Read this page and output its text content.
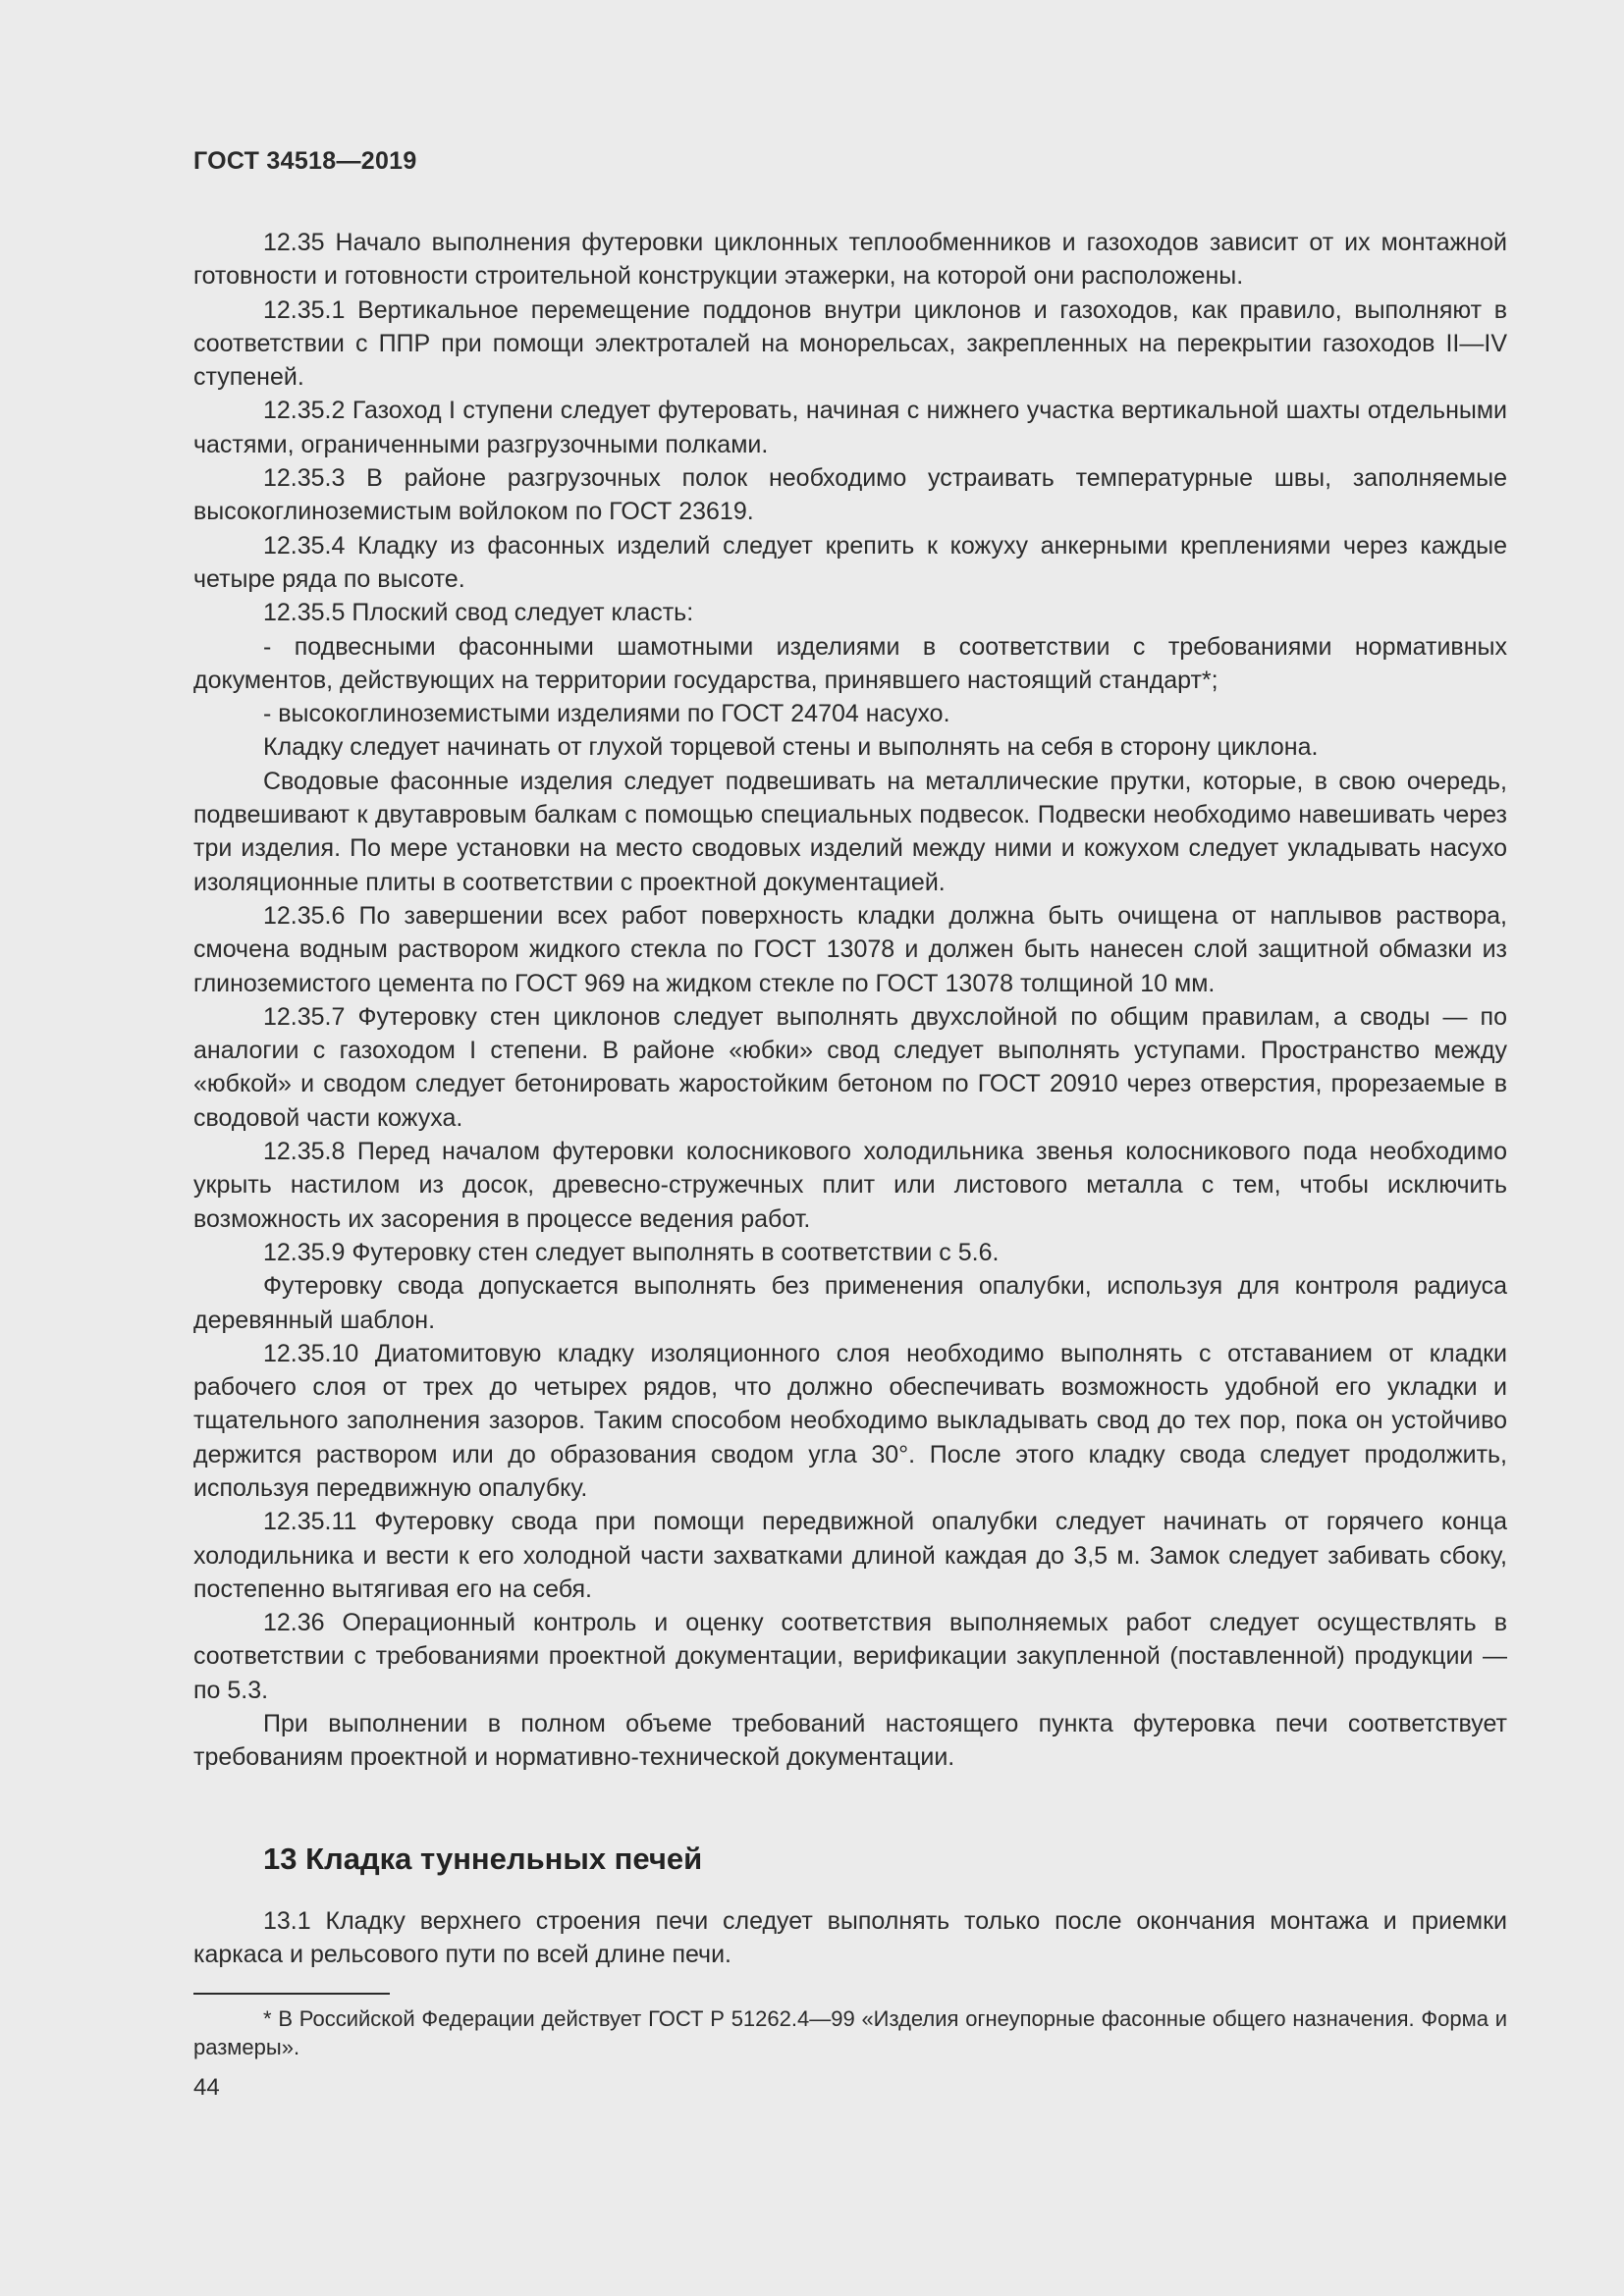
ГОСТ 34518—2019

12.35 Начало выполнения футеровки циклонных теплообменников и газоходов зависит от их монтажной готовности и готовности строительной конструкции этажерки, на которой они расположены.

12.35.1 Вертикальное перемещение поддонов внутри циклонов и газоходов, как правило, выполняют в соответствии с ППР при помощи электроталей на монорельсах, закрепленных на перекрытии газоходов II—IV ступеней.

12.35.2 Газоход I ступени следует футеровать, начиная с нижнего участка вертикальной шахты отдельными частями, ограниченными разгрузочными полками.

12.35.3 В районе разгрузочных полок необходимо устраивать температурные швы, заполняемые высокоглиноземистым войлоком по ГОСТ 23619.

12.35.4 Кладку из фасонных изделий следует крепить к кожуху анкерными креплениями через каждые четыре ряда по высоте.

12.35.5 Плоский свод следует класть:

- подвесными фасонными шамотными изделиями в соответствии с требованиями нормативных документов, действующих на территории государства, принявшего настоящий стандарт*;

- высокоглиноземистыми изделиями по ГОСТ 24704 насухо.

Кладку следует начинать от глухой торцевой стены и выполнять на себя в сторону циклона.

Сводовые фасонные изделия следует подвешивать на металлические прутки, которые, в свою очередь, подвешивают к двутавровым балкам с помощью специальных подвесок. Подвески необходимо навешивать через три изделия. По мере установки на место сводовых изделий между ними и кожухом следует укладывать насухо изоляционные плиты в соответствии с проектной документацией.

12.35.6 По завершении всех работ поверхность кладки должна быть очищена от наплывов раствора, смочена водным раствором жидкого стекла по ГОСТ 13078 и должен быть нанесен слой защитной обмазки из глиноземистого цемента по ГОСТ 969 на жидком стекле по ГОСТ 13078 толщиной 10 мм.

12.35.7 Футеровку стен циклонов следует выполнять двухслойной по общим правилам, а своды — по аналогии с газоходом I степени. В районе «юбки» свод следует выполнять уступами. Пространство между «юбкой» и сводом следует бетонировать жаростойким бетоном по ГОСТ 20910 через отверстия, прорезаемые в сводовой части кожуха.

12.35.8 Перед началом футеровки колосникового холодильника звенья колосникового пода необходимо укрыть настилом из досок, древесно-стружечных плит или листового металла с тем, чтобы исключить возможность их засорения в процессе ведения работ.

12.35.9 Футеровку стен следует выполнять в соответствии с 5.6.

Футеровку свода допускается выполнять без применения опалубки, используя для контроля радиуса деревянный шаблон.

12.35.10 Диатомитовую кладку изоляционного слоя необходимо выполнять с отставанием от кладки рабочего слоя от трех до четырех рядов, что должно обеспечивать возможность удобной его укладки и тщательного заполнения зазоров. Таким способом необходимо выкладывать свод до тех пор, пока он устойчиво держится раствором или до образования сводом угла 30°. После этого кладку свода следует продолжить, используя передвижную опалубку.

12.35.11 Футеровку свода при помощи передвижной опалубки следует начинать от горячего конца холодильника и вести к его холодной части захватками длиной каждая до 3,5 м. Замок следует забивать сбоку, постепенно вытягивая его на себя.

12.36 Операционный контроль и оценку соответствия выполняемых работ следует осуществлять в соответствии с требованиями проектной документации, верификации закупленной (поставленной) продукции — по 5.3.

При выполнении в полном объеме требований настоящего пункта футеровка печи соответствует требованиям проектной и нормативно-технической документации.

13 Кладка туннельных печей

13.1 Кладку верхнего строения печи следует выполнять только после окончания монтажа и приемки каркаса и рельсового пути по всей длине печи.

* В Российской Федерации действует ГОСТ Р 51262.4—99 «Изделия огнеупорные фасонные общего назначения. Форма и размеры».

44
